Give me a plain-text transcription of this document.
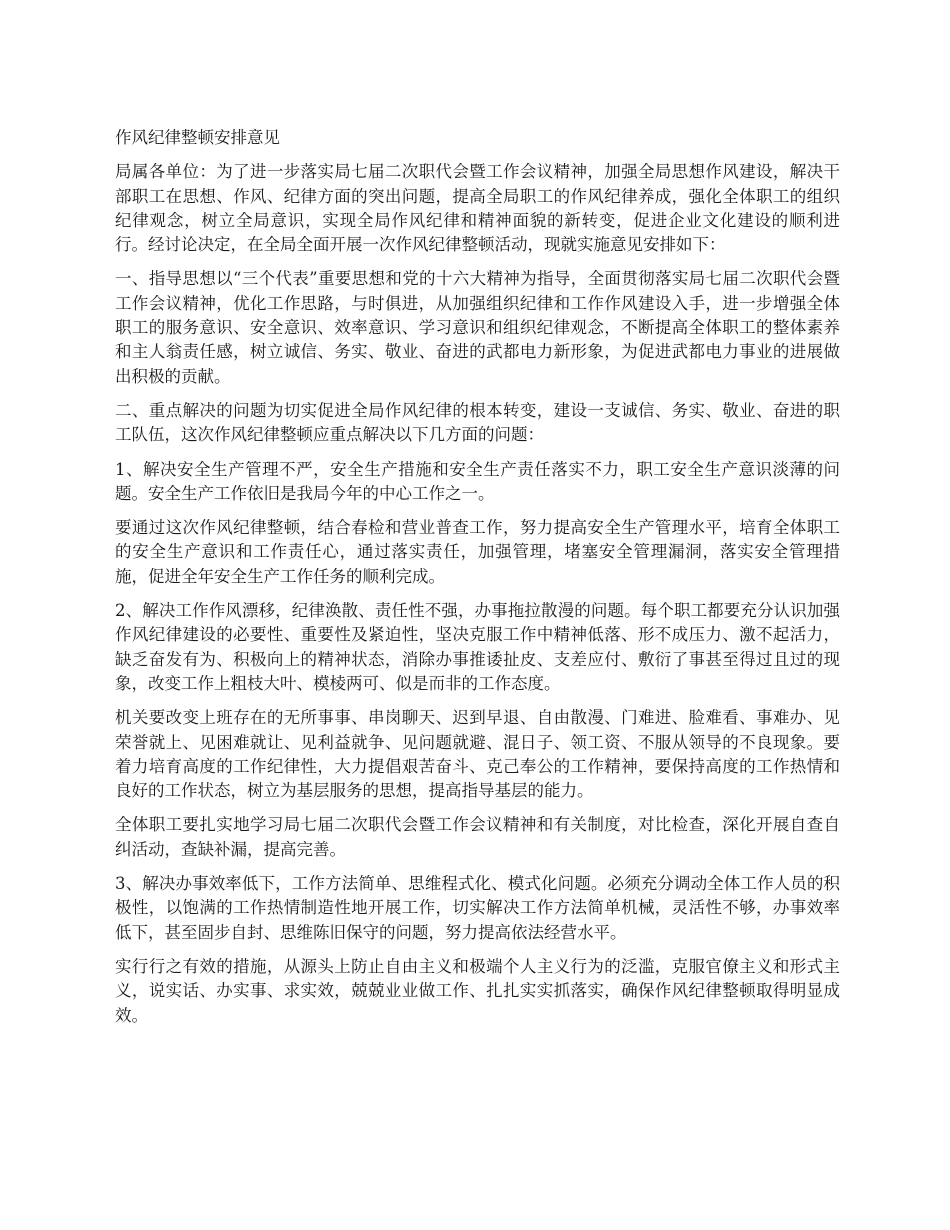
作风纪律整顿安排意见

局属各单位：为了进一步落实局七届二次职代会暨工作会议精神，加强全局思想作风建设，解决干部职工在思想、作风、纪律方面的突出问题，提高全局职工的作风纪律养成，强化全体职工的组织纪律观念，树立全局意识，实现全局作风纪律和精神面貌的新转变，促进企业文化建设的顺利进行。经讨论决定，在全局全面开展一次作风纪律整顿活动，现就实施意见安排如下：

一、指导思想以“三个代表”重要思想和党的十六大精神为指导，全面贯彻落实局七届二次职代会暨工作会议精神，优化工作思路，与时俱进，从加强组织纪律和工作作风建设入手，进一步增强全体职工的服务意识、安全意识、效率意识、学习意识和组织纪律观念，不断提高全体职工的整体素养和主人翁责任感，树立诚信、务实、敬业、奋进的武都电力新形象，为促进武都电力事业的进展做出积极的贡献。

二、重点解决的问题为切实促进全局作风纪律的根本转变，建设一支诚信、务实、敬业、奋进的职工队伍，这次作风纪律整顿应重点解决以下几方面的问题：

1、解决安全生产管理不严，安全生产措施和安全生产责任落实不力，职工安全生产意识淡薄的问题。安全生产工作依旧是我局今年的中心工作之一。

要通过这次作风纪律整顿，结合春检和营业普查工作，努力提高安全生产管理水平，培育全体职工的安全生产意识和工作责任心，通过落实责任，加强管理，堵塞安全管理漏洞，落实安全管理措施，促进全年安全生产工作任务的顺利完成。

2、解决工作作风漂移，纪律涣散、责任性不强，办事拖拉散漫的问题。每个职工都要充分认识加强作风纪律建设的必要性、重要性及紧迫性，坚决克服工作中精神低落、形不成压力、激不起活力，缺乏奋发有为、积极向上的精神状态，消除办事推诿扯皮、支差应付、敷衍了事甚至得过且过的现象，改变工作上粗枝大叶、模棱两可、似是而非的工作态度。

机关要改变上班存在的无所事事、串岗聊天、迟到早退、自由散漫、门难进、脸难看、事难办、见荣誉就上、见困难就让、见利益就争、见问题就避、混日子、领工资、不服从领导的不良现象。要着力培育高度的工作纪律性，大力提倡艰苦奋斗、克己奉公的工作精神，要保持高度的工作热情和良好的工作状态，树立为基层服务的思想，提高指导基层的能力。

全体职工要扎实地学习局七届二次职代会暨工作会议精神和有关制度，对比检查，深化开展自查自纠活动，查缺补漏，提高完善。

3、解决办事效率低下，工作方法简单、思维程式化、模式化问题。必须充分调动全体工作人员的积极性，以饱满的工作热情制造性地开展工作，切实解决工作方法简单机械，灵活性不够，办事效率低下，甚至固步自封、思维陈旧保守的问题，努力提高依法经营水平。

实行行之有效的措施，从源头上防止自由主义和极端个人主义行为的泛滥，克服官僚主义和形式主义，说实话、办实事、求实效，兢兢业业做工作、扎扎实实抓落实，确保作风纪律整顿取得明显成效。
